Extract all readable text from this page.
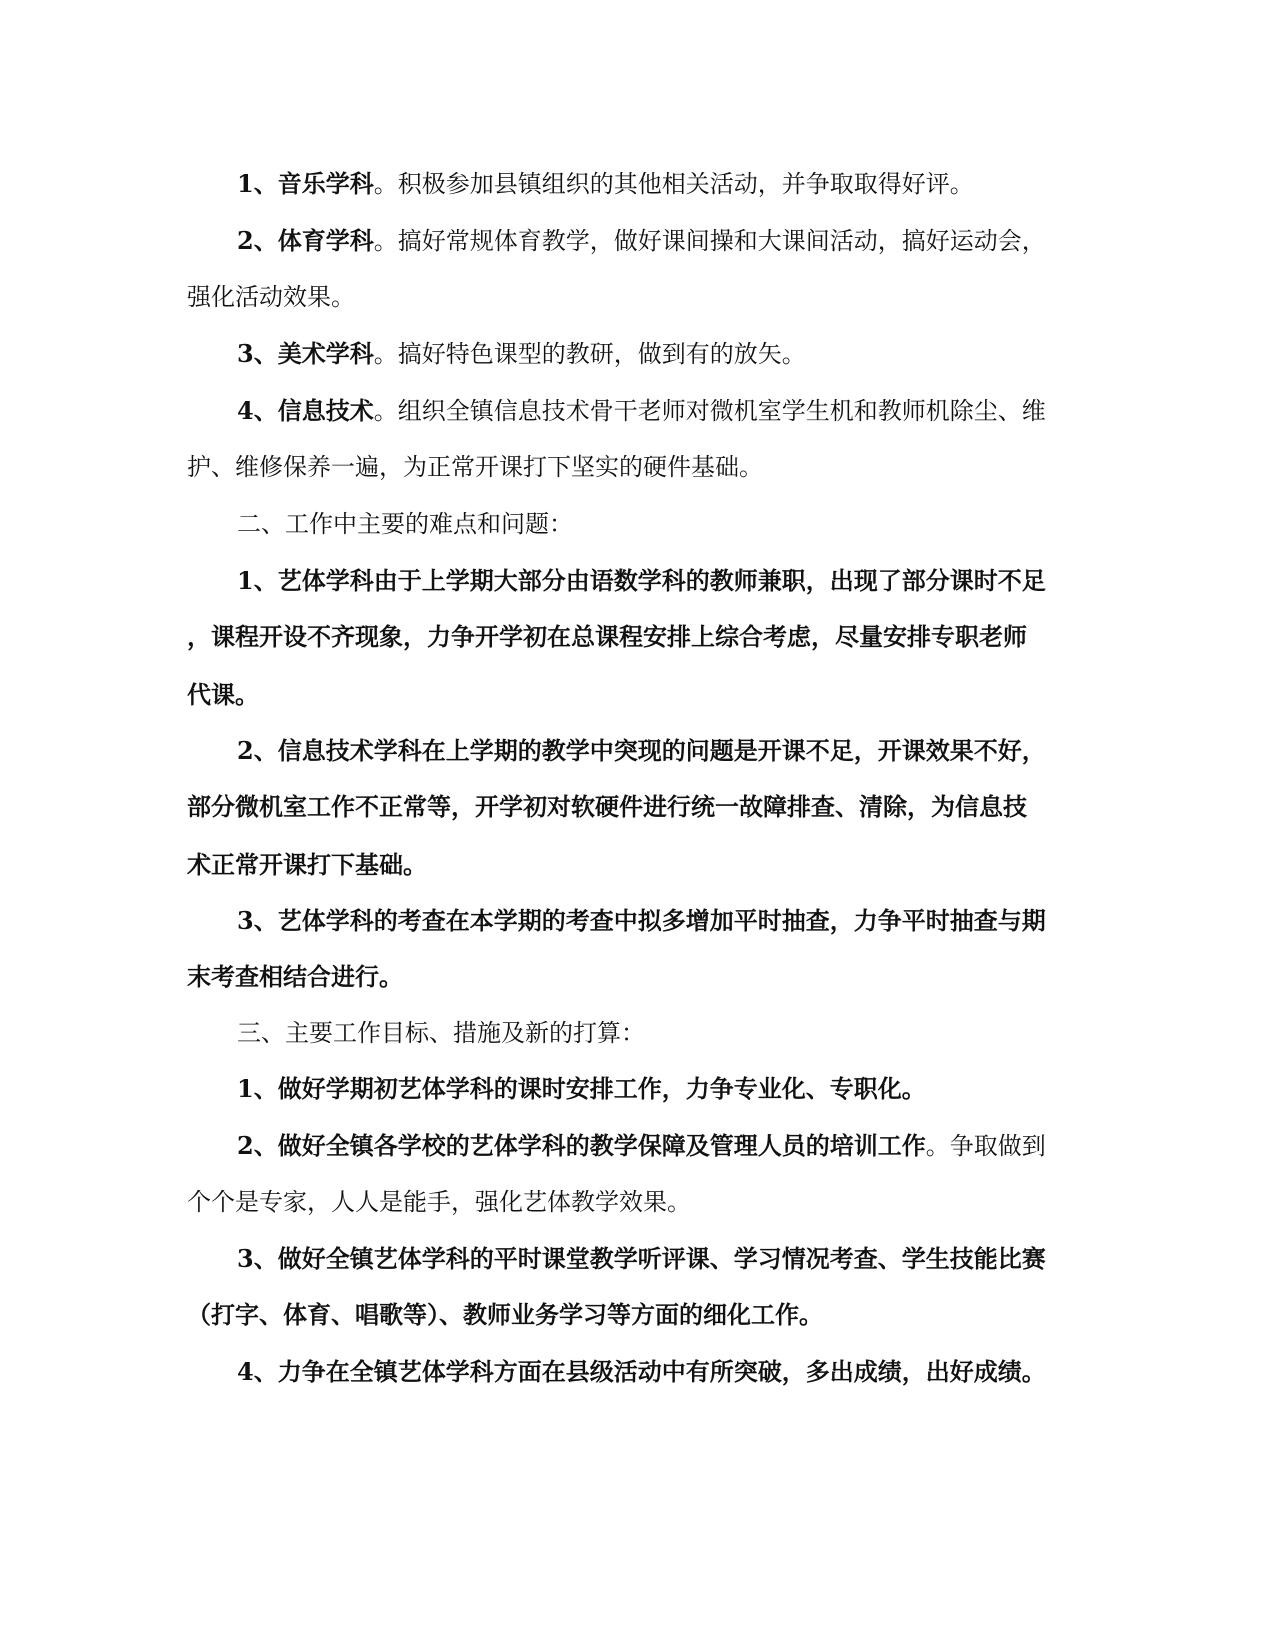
1、音乐学科。积极参加县镇组织的其他相关活动，并争取取得好评。
2、体育学科。搞好常规体育教学，做好课间操和大课间活动，搞好运动会，
强化活动效果。
3、美术学科。搞好特色课型的教研，做到有的放矢。
4、信息技术。组织全镇信息技术骨干老师对微机室学生机和教师机除尘、维
护、维修保养一遍，为正常开课打下坚实的硬件基础。
二、工作中主要的难点和问题：
1、艺体学科由于上学期大部分由语数学科的教师兼职，出现了部分课时不足
，课程开设不齐现象，力争开学初在总课程安排上综合考虑，尽量安排专职老师
代课。
2、信息技术学科在上学期的教学中突现的问题是开课不足，开课效果不好，
部分微机室工作不正常等，开学初对软硬件进行统一故障排查、清除，为信息技
术正常开课打下基础。
3、艺体学科的考查在本学期的考查中拟多增加平时抽查，力争平时抽查与期
末考查相结合进行。
三、主要工作目标、措施及新的打算：
1、做好学期初艺体学科的课时安排工作，力争专业化、专职化。
2、做好全镇各学校的艺体学科的教学保障及管理人员的培训工作。争取做到
个个是专家，人人是能手，强化艺体教学效果。
3、做好全镇艺体学科的平时课堂教学听评课、学习情况考查、学生技能比赛
（打字、体育、唱歌等）、教师业务学习等方面的细化工作。
4、力争在全镇艺体学科方面在县级活动中有所突破，多出成绩，出好成绩。
